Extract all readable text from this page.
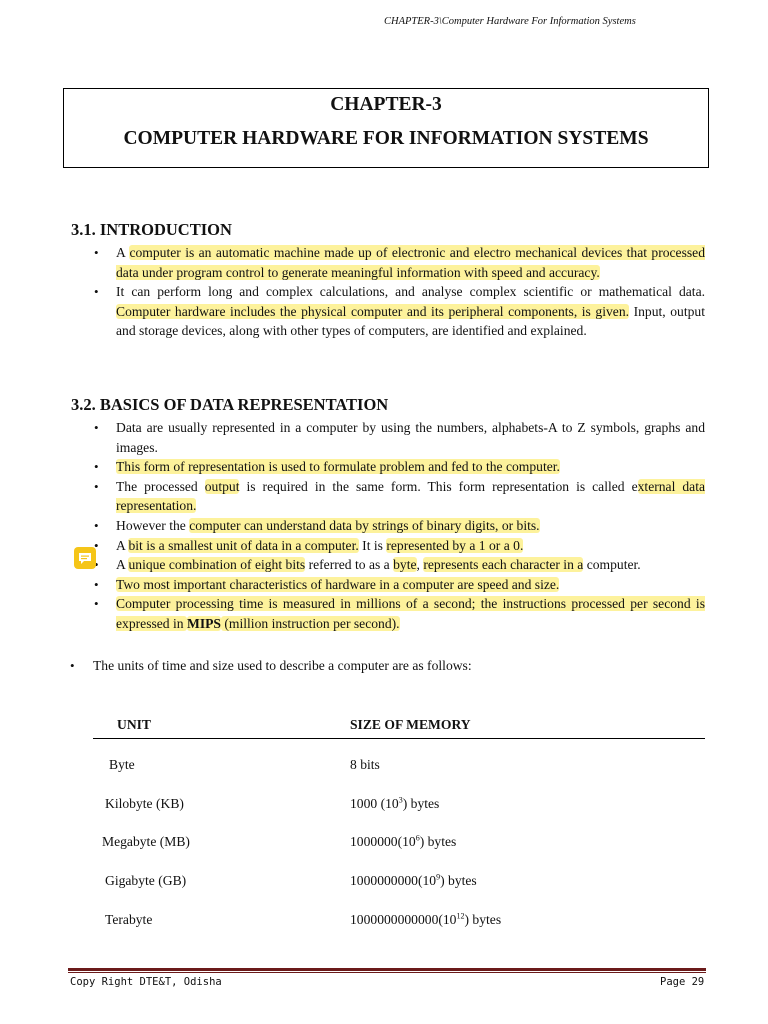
CHAPTER-3\Computer Hardware For Information Systems
CHAPTER-3
COMPUTER HARDWARE FOR INFORMATION SYSTEMS
3.1. INTRODUCTION
• A computer is an automatic machine made up of electronic and electro mechanical devices that processed data under program control to generate meaningful information with speed and accuracy.
• It can perform long and complex calculations, and analyse complex scientific or mathematical data. Computer hardware includes the physical computer and its peripheral components, is given. Input, output and storage devices, along with other types of computers, are identified and explained.
3.2. BASICS OF DATA REPRESENTATION
• Data are usually represented in a computer by using the numbers, alphabets-A to Z symbols, graphs and images.
• This form of representation is used to formulate problem and fed to the computer.
• The processed output is required in the same form. This form representation is called external data representation.
• However the computer can understand data by strings of binary digits, or bits.
• A bit is a smallest unit of data in a computer. It is represented by a 1 or a 0.
• A unique combination of eight bits referred to as a byte, represents each character in a computer.
• Two most important characteristics of hardware in a computer are speed and size.
• Computer processing time is measured in millions of a second; the instructions processed per second is expressed in MIPS (million instruction per second).
• The units of time and size used to describe a computer are as follows:
UNIT	SIZE OF MEMORY
Byte	8 bits
Kilobyte (KB)	1000 $(10^3)$ bytes
Megabyte (MB)	$1000000(10^6)$ bytes
Gigabyte (GB)	$1000000000(10^9)$ bytes
Terabyte	$1000000000000(10^{12})$ bytes
Copy Right DTE&T, Odisha	Page 29
